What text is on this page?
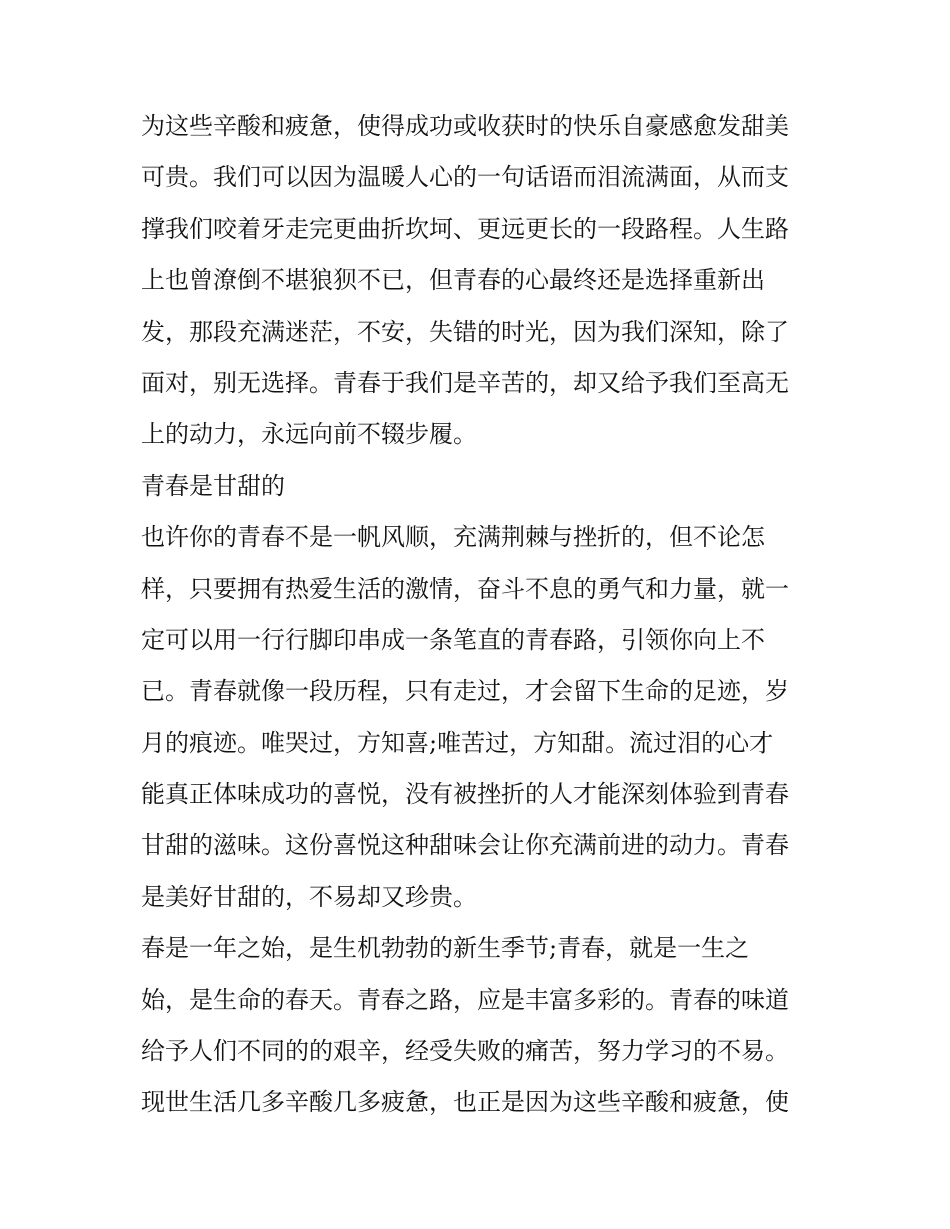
为这些辛酸和疲惫，使得成功或收获时的快乐自豪感愈发甜美
可贵。我们可以因为温暖人心的一句话语而泪流满面，从而支
撑我们咬着牙走完更曲折坎坷、更远更长的一段路程。人生路
上也曾潦倒不堪狼狈不已，但青春的心最终还是选择重新出
发，那段充满迷茫，不安，失错的时光，因为我们深知，除了
面对，别无选择。青春于我们是辛苦的，却又给予我们至高无
上的动力，永远向前不辍步履。
青春是甘甜的
也许你的青春不是一帆风顺，充满荆棘与挫折的，但不论怎
样，只要拥有热爱生活的激情，奋斗不息的勇气和力量，就一
定可以用一行行脚印串成一条笔直的青春路，引领你向上不
已。青春就像一段历程，只有走过，才会留下生命的足迹，岁
月的痕迹。唯哭过，方知喜;唯苦过，方知甜。流过泪的心才
能真正体味成功的喜悦，没有被挫折的人才能深刻体验到青春
甘甜的滋味。这份喜悦这种甜味会让你充满前进的动力。青春
是美好甘甜的，不易却又珍贵。
春是一年之始，是生机勃勃的新生季节;青春，就是一生之
始，是生命的春天。青春之路，应是丰富多彩的。青春的味道
给予人们不同的的艰辛，经受失败的痛苦，努力学习的不易。
现世生活几多辛酸几多疲惫，也正是因为这些辛酸和疲惫，使
